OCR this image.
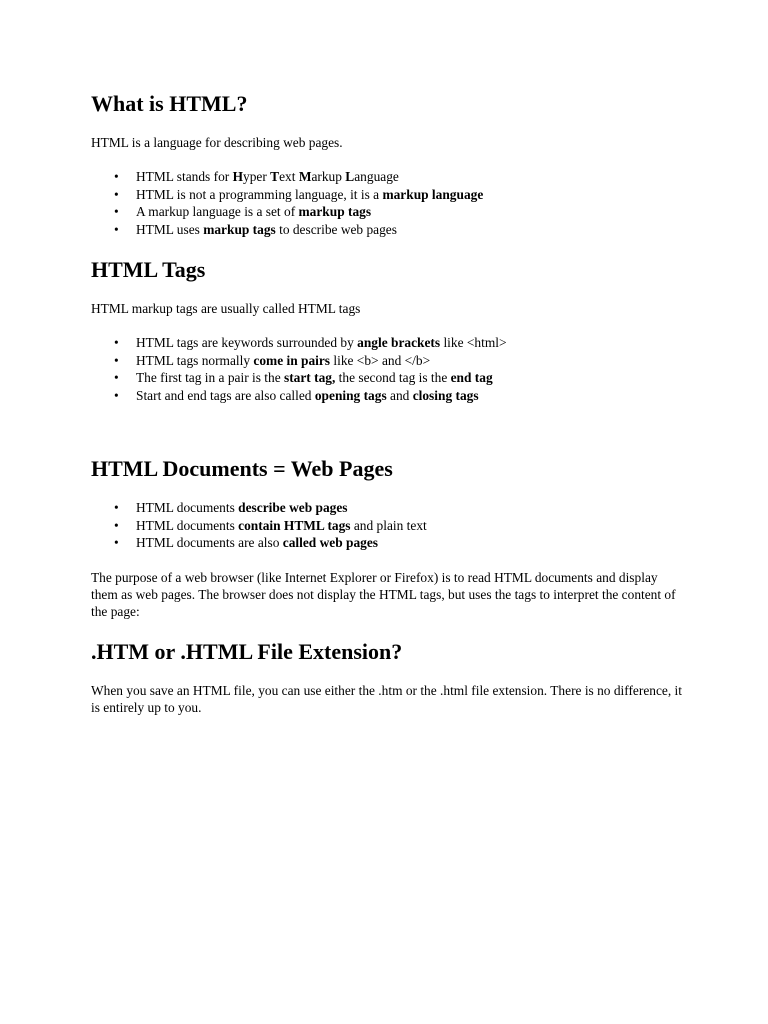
What is HTML?

HTML is a language for describing web pages.

• HTML stands for Hyper Text Markup Language
• HTML is not a programming language, it is a markup language
• A markup language is a set of markup tags
• HTML uses markup tags to describe web pages
HTML Tags

HTML markup tags are usually called HTML tags

• HTML tags are keywords surrounded by angle brackets like <html>
• HTML tags normally come in pairs like <b> and </b>
• The first tag in a pair is the start tag, the second tag is the end tag
• Start and end tags are also called opening tags and closing tags
HTML Documents = Web Pages
• HTML documents describe web pages
• HTML documents contain HTML tags and plain text
• HTML documents are also called web pages

The purpose of a web browser (like Internet Explorer or Firefox) is to read HTML documents and display them as web pages. The browser does not display the HTML tags, but uses the tags to interpret the content of the page:

.HTM or .HTML File Extension?

When you save an HTML file, you can use either the .htm or the .html file extension. There is no difference, it is entirely up to you.
